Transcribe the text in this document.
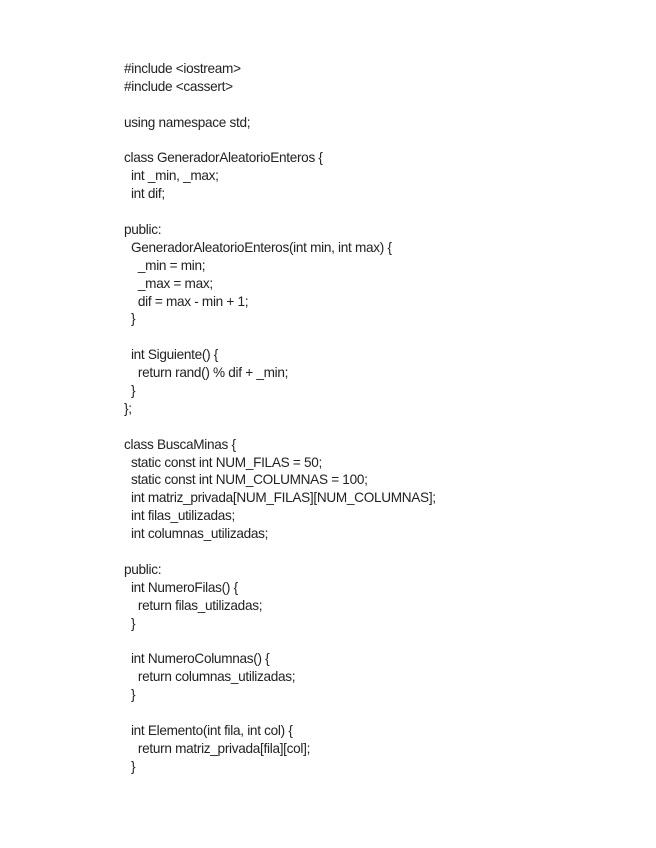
#include <iostream>
#include <cassert>
using namespace std;
class GeneradorAleatorioEnteros {
int _min, _max;
int dif;
public:
GeneradorAleatorioEnteros(int min, int max) {
_min = min;
_max = max;
dif = max - min + 1;
}
int Siguiente() {
return rand() % dif + _min;
}
};
class BuscaMinas {
static const int NUM_FILAS = 50;
static const int NUM_COLUMNAS = 100;
int matriz_privada[NUM_FILAS][NUM_COLUMNAS];
int filas_utilizadas;
int columnas_utilizadas;
public:
int NumeroFilas() {
return filas_utilizadas;
}
int NumeroColumnas() {
return columnas_utilizadas;
}
int Elemento(int fila, int col) {
return matriz_privada[fila][col];
}
